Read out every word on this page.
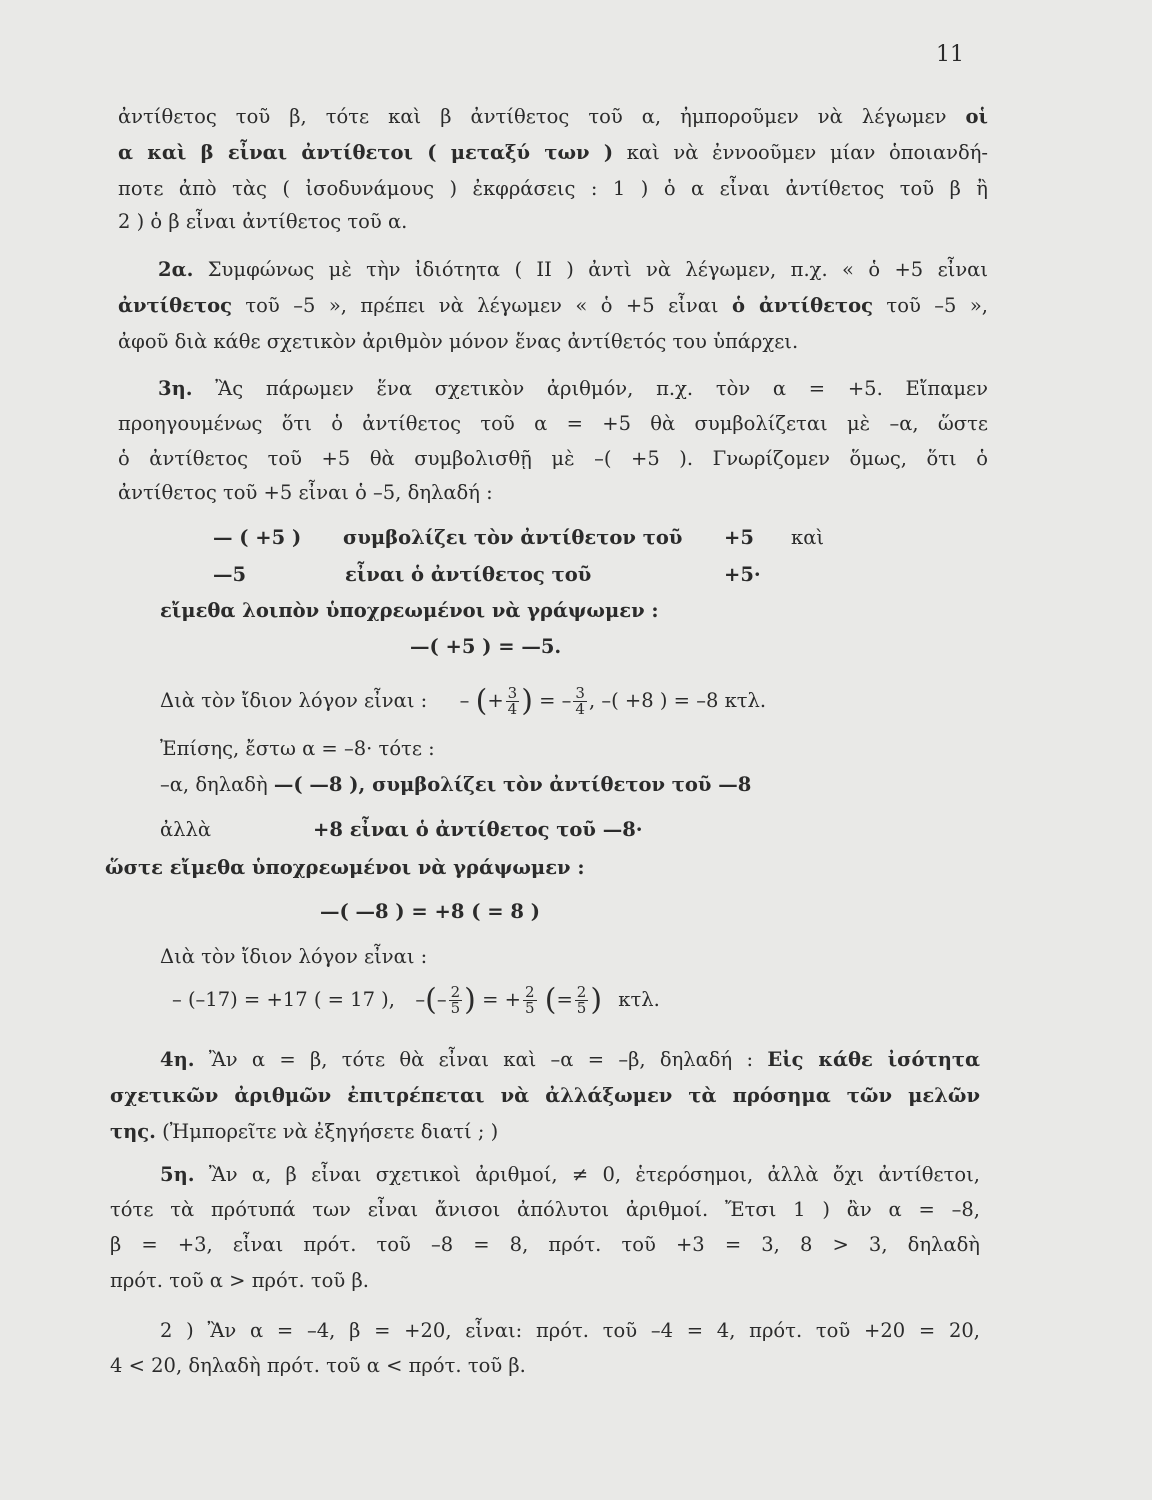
11
ἀντίθετος τοῦ β, τότε καὶ β ἀντίθετος τοῦ α, ἠμποροῦμεν νὰ λέγωμεν οἱ
α καὶ β εἶναι ἀντίθετοι ( μεταξύ των ) καὶ νὰ ἐννοοῦμεν μίαν ὁποιανδή-
ποτε ἀπὸ τὰς ( ἰσοδυνάμους ) ἐκφράσεις : 1 ) ὁ α εἶναι ἀντίθετος τοῦ β ἢ
2 ) ὁ β εἶναι ἀντίθετος τοῦ α.
2α. Συμφώνως μὲ τὴν ἰδιότητα ( II ) ἀντὶ νὰ λέγωμεν, π.χ. « ὁ +5 εἶναι
ἀντίθετος τοῦ –5 », πρέπει νὰ λέγωμεν « ὁ +5 εἶναι ὁ ἀντίθετος τοῦ –5 »,
ἀφοῦ διὰ κάθε σχετικὸν ἀριθμὸν μόνον ἕνας ἀντίθετός του ὑπάρχει.
3η. Ἂς πάρωμεν ἕνα σχετικὸν ἀριθμόν, π.χ. τὸν α = +5. Εἴπαμεν
προηγουμένως ὅτι ὁ ἀντίθετος τοῦ α = +5 θὰ συμβολίζεται μὲ –α, ὥστε
ὁ ἀντίθετος τοῦ +5 θὰ συμβολισθῇ μὲ –( +5 ). Γνωρίζομεν ὅμως, ὅτι ὁ
ἀντίθετος τοῦ +5 εἶναι ὁ –5, δηλαδή :
— ( +5 )	συμβολίζει τὸν ἀντίθετον τοῦ	+5	καὶ
—5	εἶναι ὁ ἀντίθετος τοῦ	+5·
εἴμεθα λοιπὸν ὑποχρεωμένοι νὰ γράψωμεν :
—( +5 ) = —5.
Διὰ τὸν ἴδιον λόγον εἶναι : – (+ $\frac{3}{4}$ ) = – $\frac{3}{4}$ , –( +8 ) = –8 κτλ.
Ἐπίσης, ἔστω α = –8· τότε :
–α, δηλαδὴ —( —8 ), συμβολίζει τὸν ἀντίθετον τοῦ —8
ἀλλὰ	+8 εἶναι ὁ ἀντίθετος τοῦ —8·
ὥστε εἴμεθα ὑποχρεωμένοι νὰ γράψωμεν :
—( —8 ) = +8 ( = 8 )
Διὰ τὸν ἴδιον λόγον εἶναι :
– (–17) = +17 ( = 17 ), –(– $\frac{2}{5}$ ) = + $\frac{2}{5}$ (= $\frac{2}{5}$ ) κτλ.
4η. Ἂν α = β, τότε θὰ εἶναι καὶ –α = –β, δηλαδή : Εἰς κάθε ἰσότητα
σχετικῶν ἀριθμῶν ἐπιτρέπεται νὰ ἀλλάξωμεν τὰ πρόσημα τῶν μελῶν
της. (Ἠμπορεῖτε νὰ ἐξηγήσετε διατί ; )
5η. Ἂν α, β εἶναι σχετικοὶ ἀριθμοί, ≠ 0, ἑτερόσημοι, ἀλλὰ ὄχι ἀντίθετοι,
τότε τὰ πρότυπά των εἶναι ἄνισοι ἀπόλυτοι ἀριθμοί. Ἔτσι 1 ) ἂν α = –8,
β = +3, εἶναι πρότ. τοῦ –8 = 8, πρότ. τοῦ +3 = 3, 8 > 3, δηλαδὴ
πρότ. τοῦ α > πρότ. τοῦ β.
2 ) Ἂν α = –4, β = +20, εἶναι: πρότ. τοῦ –4 = 4, πρότ. τοῦ +20 = 20,
4 < 20, δηλαδὴ πρότ. τοῦ α < πρότ. τοῦ β.
